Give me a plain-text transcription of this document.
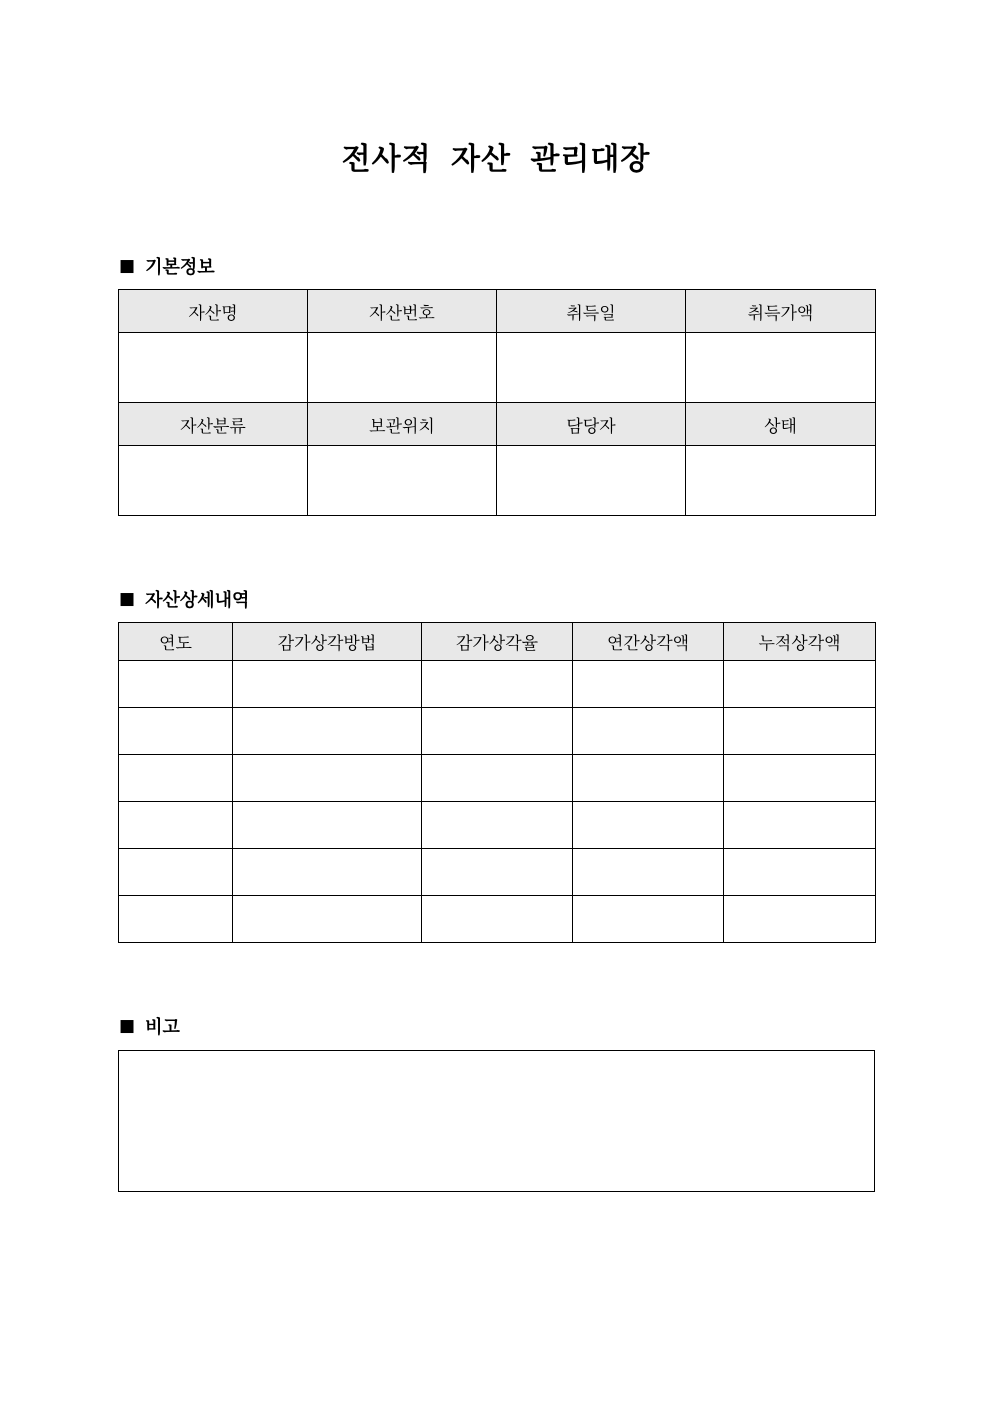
전사적 자산 관리대장
■ 기본정보
자산명	자산번호	취득일	취득가액

자산분류	보관위치	담당자	상태

■ 자산상세내역
연도	감가상각방법	감가상각율	연간상각액	누적상각액

■ 비고
